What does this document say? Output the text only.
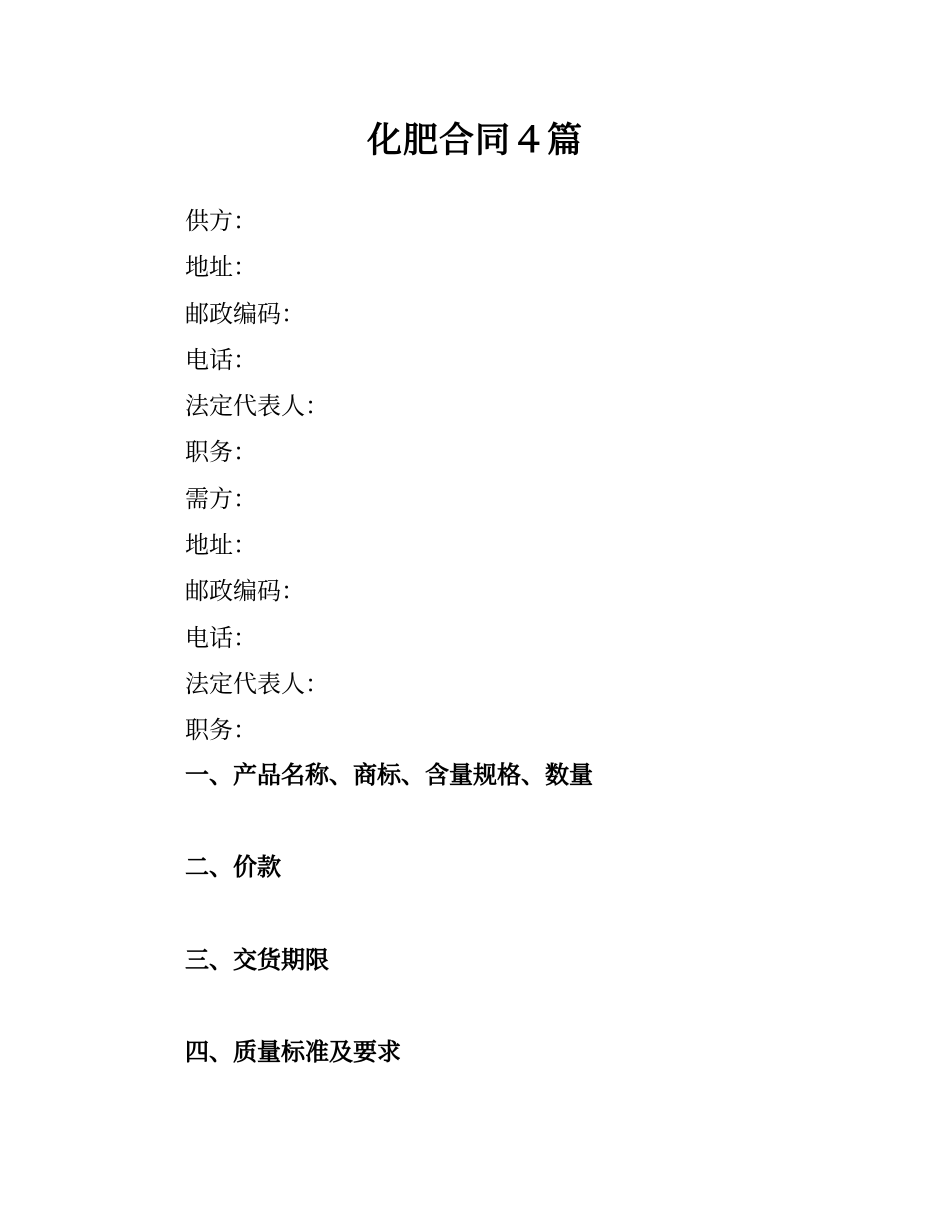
化肥合同４篇
供方：
地址：
邮政编码：
电话：
法定代表人：
职务：
需方：
地址：
邮政编码：
电话：
法定代表人：
职务：
一、产品名称、商标、含量规格、数量
二、价款
三、交货期限
四、质量标准及要求
